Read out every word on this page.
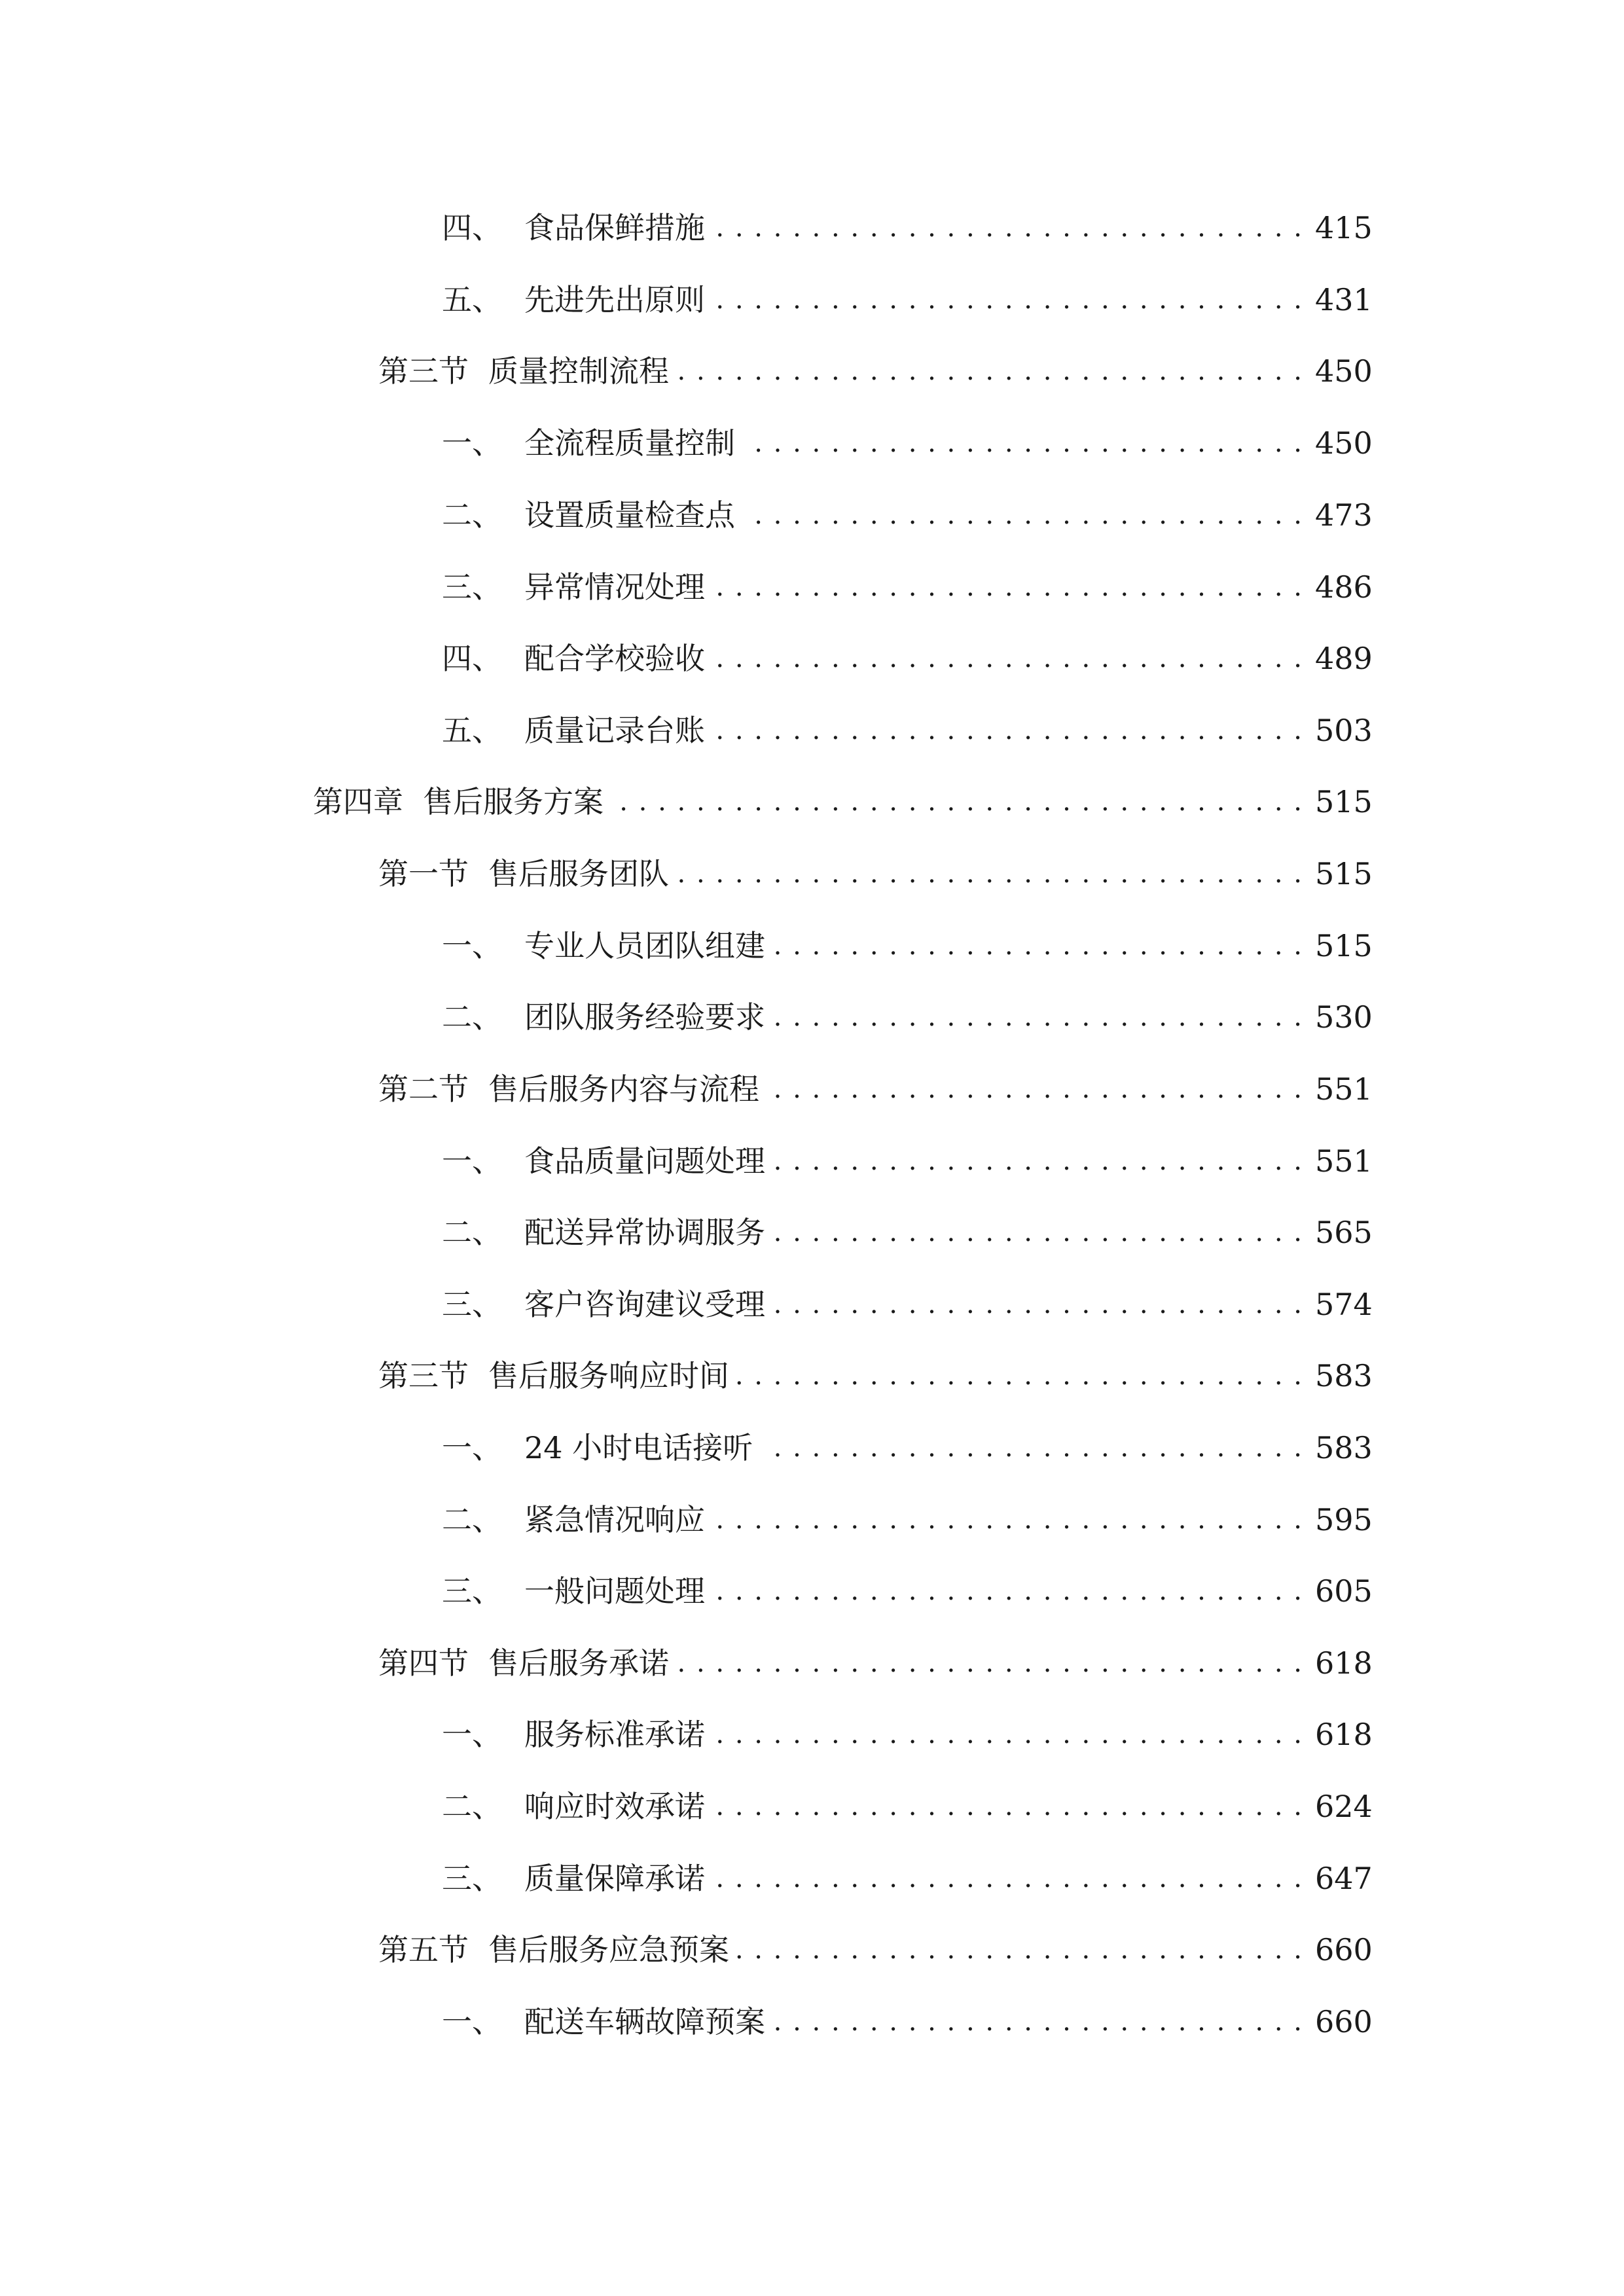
四、 食品保鲜措施 . . .	415
五、 先进先出原则 . . .	431
第三节 质量控制流程 . . .	450
一、 全流程质量控制 . . .	450
二、 设置质量检查点 . . .	473
三、 异常情况处理 . . .	486
四、 配合学校验收 . . .	489
五、 质量记录台账 . . .	503
第四章 售后服务方案 . . .	515
第一节 售后服务团队 . . .	515
一、 专业人员团队组建 . . .	515
二、 团队服务经验要求 . . .	530
第二节 售后服务内容与流程 . . .	551
一、 食品质量问题处理 . . .	551
二、 配送异常协调服务 . . .	565
三、 客户咨询建议受理 . . .	574
第三节 售后服务响应时间 . . .	583
一、 24 小时电话接听 . . .	583
二、 紧急情况响应 . . .	595
三、 一般问题处理 . . .	605
第四节 售后服务承诺 . . .	618
一、 服务标准承诺 . . .	618
二、 响应时效承诺 . . .	624
三、 质量保障承诺 . . .	647
第五节 售后服务应急预案 . . .	660
一、 配送车辆故障预案 . . .	660
